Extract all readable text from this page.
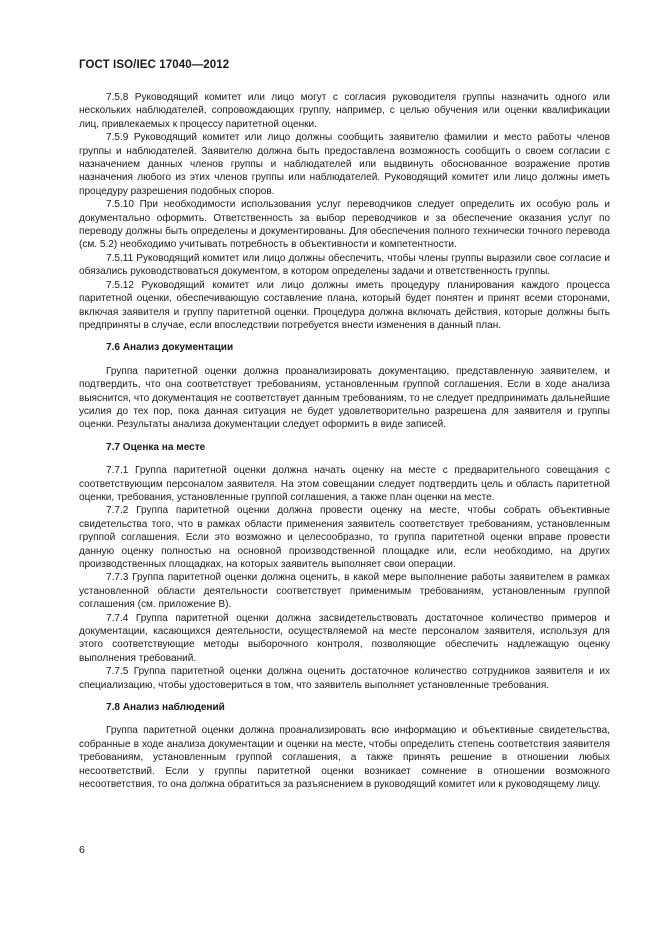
ГОСТ ISO/IEC 17040—2012

7.5.8 Руководящий комитет или лицо могут с согласия руководителя группы назначить одного или нескольких наблюдателей, сопровождающих группу, например, с целью обучения или оценки квалификации лиц, привлекаемых к процессу паритетной оценки.

7.5.9 Руководящий комитет или лицо должны сообщить заявителю фамилии и место работы членов группы и наблюдателей. Заявителю должна быть предоставлена возможность сообщить о своем согласии с назначением данных членов группы и наблюдателей или выдвинуть обоснованное возражение против назначения любого из этих членов группы или наблюдателей. Руководящий комитет или лицо должны иметь процедуру разрешения подобных споров.

7.5.10 При необходимости использования услуг переводчиков следует определить их особую роль и документально оформить. Ответственность за выбор переводчиков и за обеспечение оказания услуг по переводу должны быть определены и документированы. Для обеспечения полного технически точного перевода (см. 5.2) необходимо учитывать потребность в объективности и компетентности.

7.5.11 Руководящий комитет или лицо должны обеспечить, чтобы члены группы выразили свое согласие и обязались руководствоваться документом, в котором определены задачи и ответственность группы.

7.5.12 Руководящий комитет или лицо должны иметь процедуру планирования каждого процесса паритетной оценки, обеспечивающую составление плана, который будет понятен и принят всеми сторонами, включая заявителя и группу паритетной оценки. Процедура должна включать действия, которые должны быть предприняты в случае, если впоследствии потребуется внести изменения в данный план.

7.6 Анализ документации

Группа паритетной оценки должна проанализировать документацию, представленную заявителем, и подтвердить, что она соответствует требованиям, установленным группой соглашения. Если в ходе анализа выяснится, что документация не соответствует данным требованиям, то не следует предпринимать дальнейшие усилия до тех пор, пока данная ситуация не будет удовлетворительно разрешена для заявителя и группы оценки. Результаты анализа документации следует оформить в виде записей.

7.7 Оценка на месте

7.7.1 Группа паритетной оценки должна начать оценку на месте с предварительного совещания с соответствующим персоналом заявителя. На этом совещании следует подтвердить цель и область паритетной оценки, требования, установленные группой соглашения, а также план оценки на месте.

7.7.2 Группа паритетной оценки должна провести оценку на месте, чтобы собрать объективные свидетельства того, что в рамках области применения заявитель соответствует требованиям, установленным группой соглашения. Если это возможно и целесообразно, то группа паритетной оценки вправе провести данную оценку полностью на основной производственной площадке или, если необходимо, на других производственных площадках, на которых заявитель выполняет свои операции.

7.7.3 Группа паритетной оценки должна оценить, в какой мере выполнение работы заявителем в рамках установленной области деятельности соответствует применимым требованиям, установленным группой соглашения (см. приложение В).

7.7.4 Группа паритетной оценки должна засвидетельствовать достаточное количество примеров и документации, касающихся деятельности, осуществляемой на месте персоналом заявителя, используя для этого соответствующие методы выборочного контроля, позволяющие обеспечить надлежащую оценку выполнения требований.

7.7.5 Группа паритетной оценки должна оценить достаточное количество сотрудников заявителя и их специализацию, чтобы удостовериться в том, что заявитель выполняет установленные требования.

7.8 Анализ наблюдений

Группа паритетной оценки должна проанализировать всю информацию и объективные свидетельства, собранные в ходе анализа документации и оценки на месте, чтобы определить степень соответствия заявителя требованиям, установленным группой соглашения, а также принять решение в отношении любых несоответствий. Если у группы паритетной оценки возникает сомнение в отношении возможного несоответствия, то она должна обратиться за разъяснением в руководящий комитет или к руководящему лицу.

6
